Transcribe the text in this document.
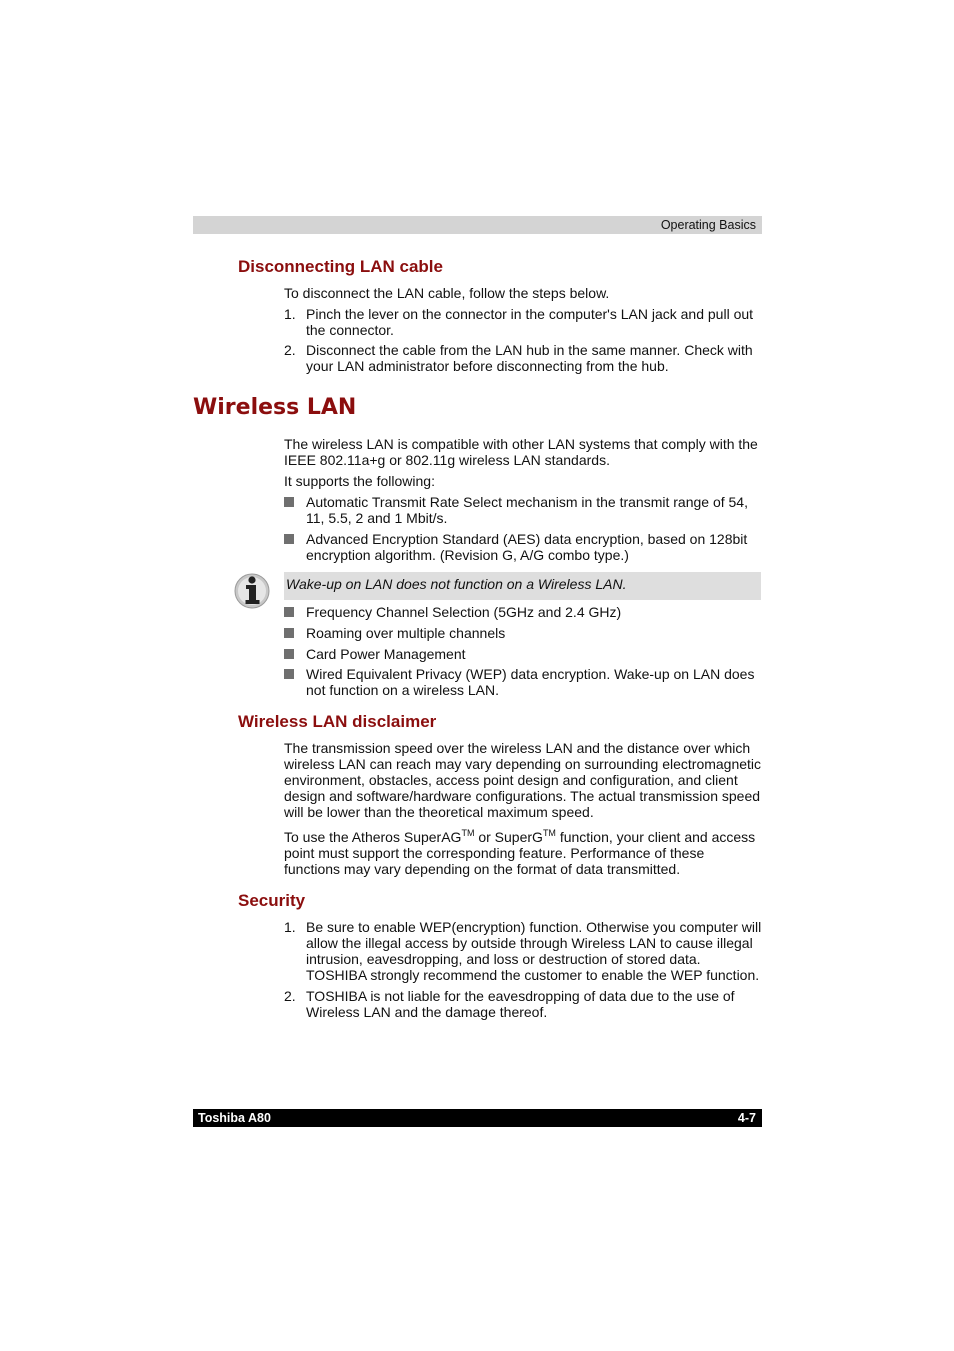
Operating Basics
Disconnecting LAN cable
To disconnect the LAN cable, follow the steps below.
1. Pinch the lever on the connector in the computer's LAN jack and pull out the connector.
2. Disconnect the cable from the LAN hub in the same manner. Check with your LAN administrator before disconnecting from the hub.
Wireless LAN
The wireless LAN is compatible with other LAN systems that comply with the IEEE 802.11a+g or 802.11g wireless LAN standards.
It supports the following:
Automatic Transmit Rate Select mechanism in the transmit range of 54, 11, 5.5, 2 and 1 Mbit/s.
Advanced Encryption Standard (AES) data encryption, based on 128bit encryption algorithm. (Revision G, A/G combo type.)
Wake-up on LAN does not function on a Wireless LAN.
Frequency Channel Selection (5GHz and 2.4 GHz)
Roaming over multiple channels
Card Power Management
Wired Equivalent Privacy (WEP) data encryption. Wake-up on LAN does not function on a wireless LAN.
Wireless LAN disclaimer
The transmission speed over the wireless LAN and the distance over which wireless LAN can reach may vary depending on surrounding electromagnetic environment, obstacles, access point design and configuration, and client design and software/hardware configurations. The actual transmission speed will be lower than the theoretical maximum speed.
To use the Atheros SuperAG™ or SuperG™ function, your client and access point must support the corresponding feature. Performance of these functions may vary depending on the format of data transmitted.
Security
1. Be sure to enable WEP(encryption) function. Otherwise you computer will allow the illegal access by outside through Wireless LAN to cause illegal intrusion, eavesdropping, and loss or destruction of stored data. TOSHIBA strongly recommend the customer to enable the WEP function.
2. TOSHIBA is not liable for the eavesdropping of data due to the use of Wireless LAN and the damage thereof.
Toshiba A80	4-7
